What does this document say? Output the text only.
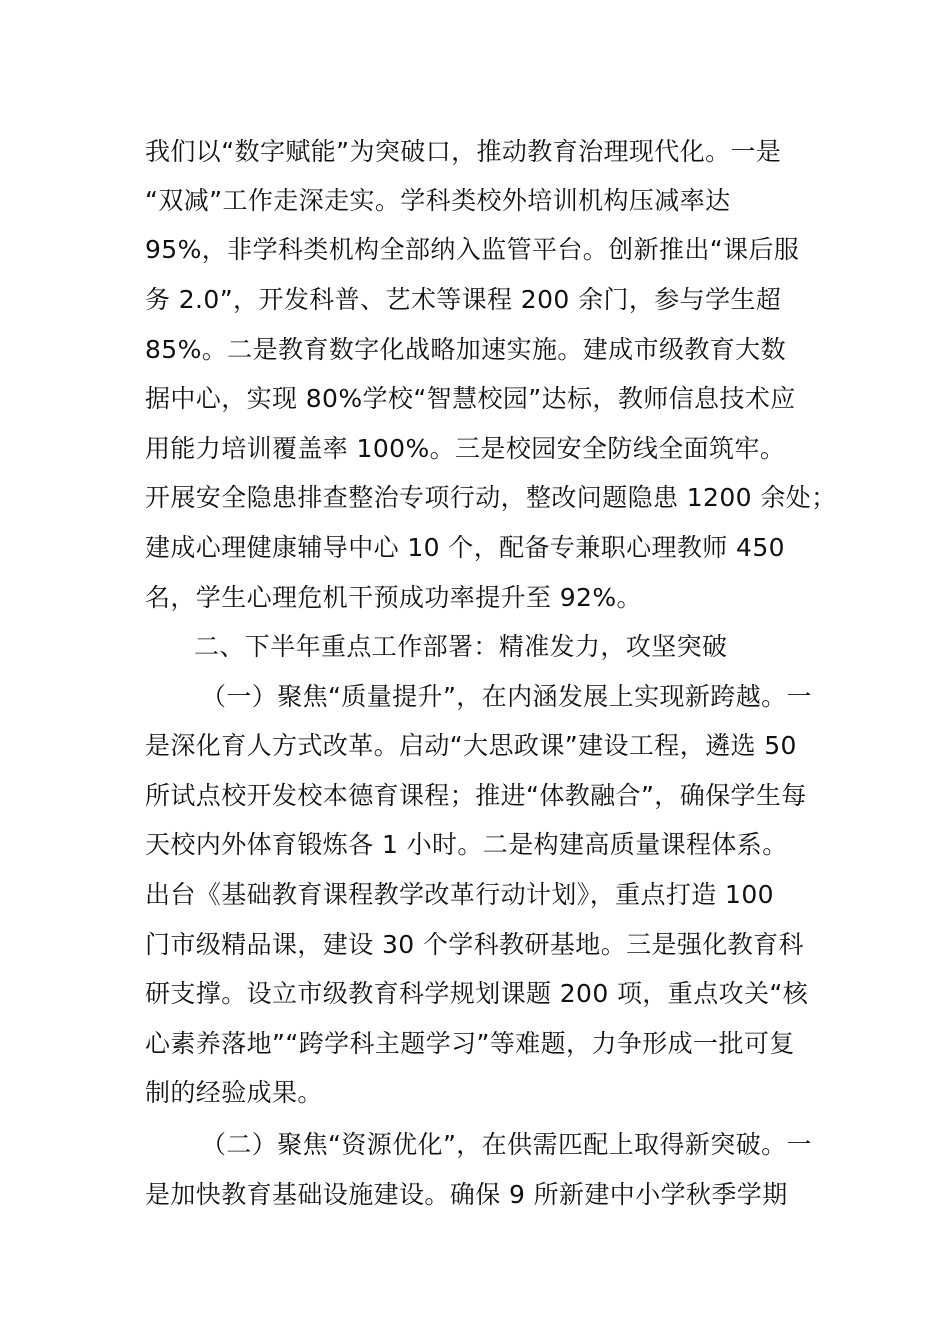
我们以“数字赋能”为突破口，推动教育治理现代化。一是
“双减”工作走深走实。学科类校外培训机构压减率达
95%，非学科类机构全部纳入监管平台。创新推出“课后服
务 2.0”，开发科普、艺术等课程 200 余门，参与学生超
85%。二是教育数字化战略加速实施。建成市级教育大数
据中心，实现 80%学校“智慧校园”达标，教师信息技术应
用能力培训覆盖率 100%。三是校园安全防线全面筑牢。
开展安全隐患排查整治专项行动，整改问题隐患 1200 余处；
建成心理健康辅导中心 10 个，配备专兼职心理教师 450
名，学生心理危机干预成功率提升至 92%。
二、下半年重点工作部署：精准发力，攻坚突破
（一）聚焦“质量提升”，在内涵发展上实现新跨越。一
是深化育人方式改革。启动“大思政课”建设工程，遴选 50
所试点校开发校本德育课程；推进“体教融合”，确保学生每
天校内外体育锻炼各 1 小时。二是构建高质量课程体系。
出台《基础教育课程教学改革行动计划》，重点打造 100
门市级精品课，建设 30 个学科教研基地。三是强化教育科
研支撑。设立市级教育科学规划课题 200 项，重点攻关“核
心素养落地”“跨学科主题学习”等难题，力争形成一批可复
制的经验成果。
（二）聚焦“资源优化”，在供需匹配上取得新突破。一
是加快教育基础设施建设。确保 9 所新建中小学秋季学期
